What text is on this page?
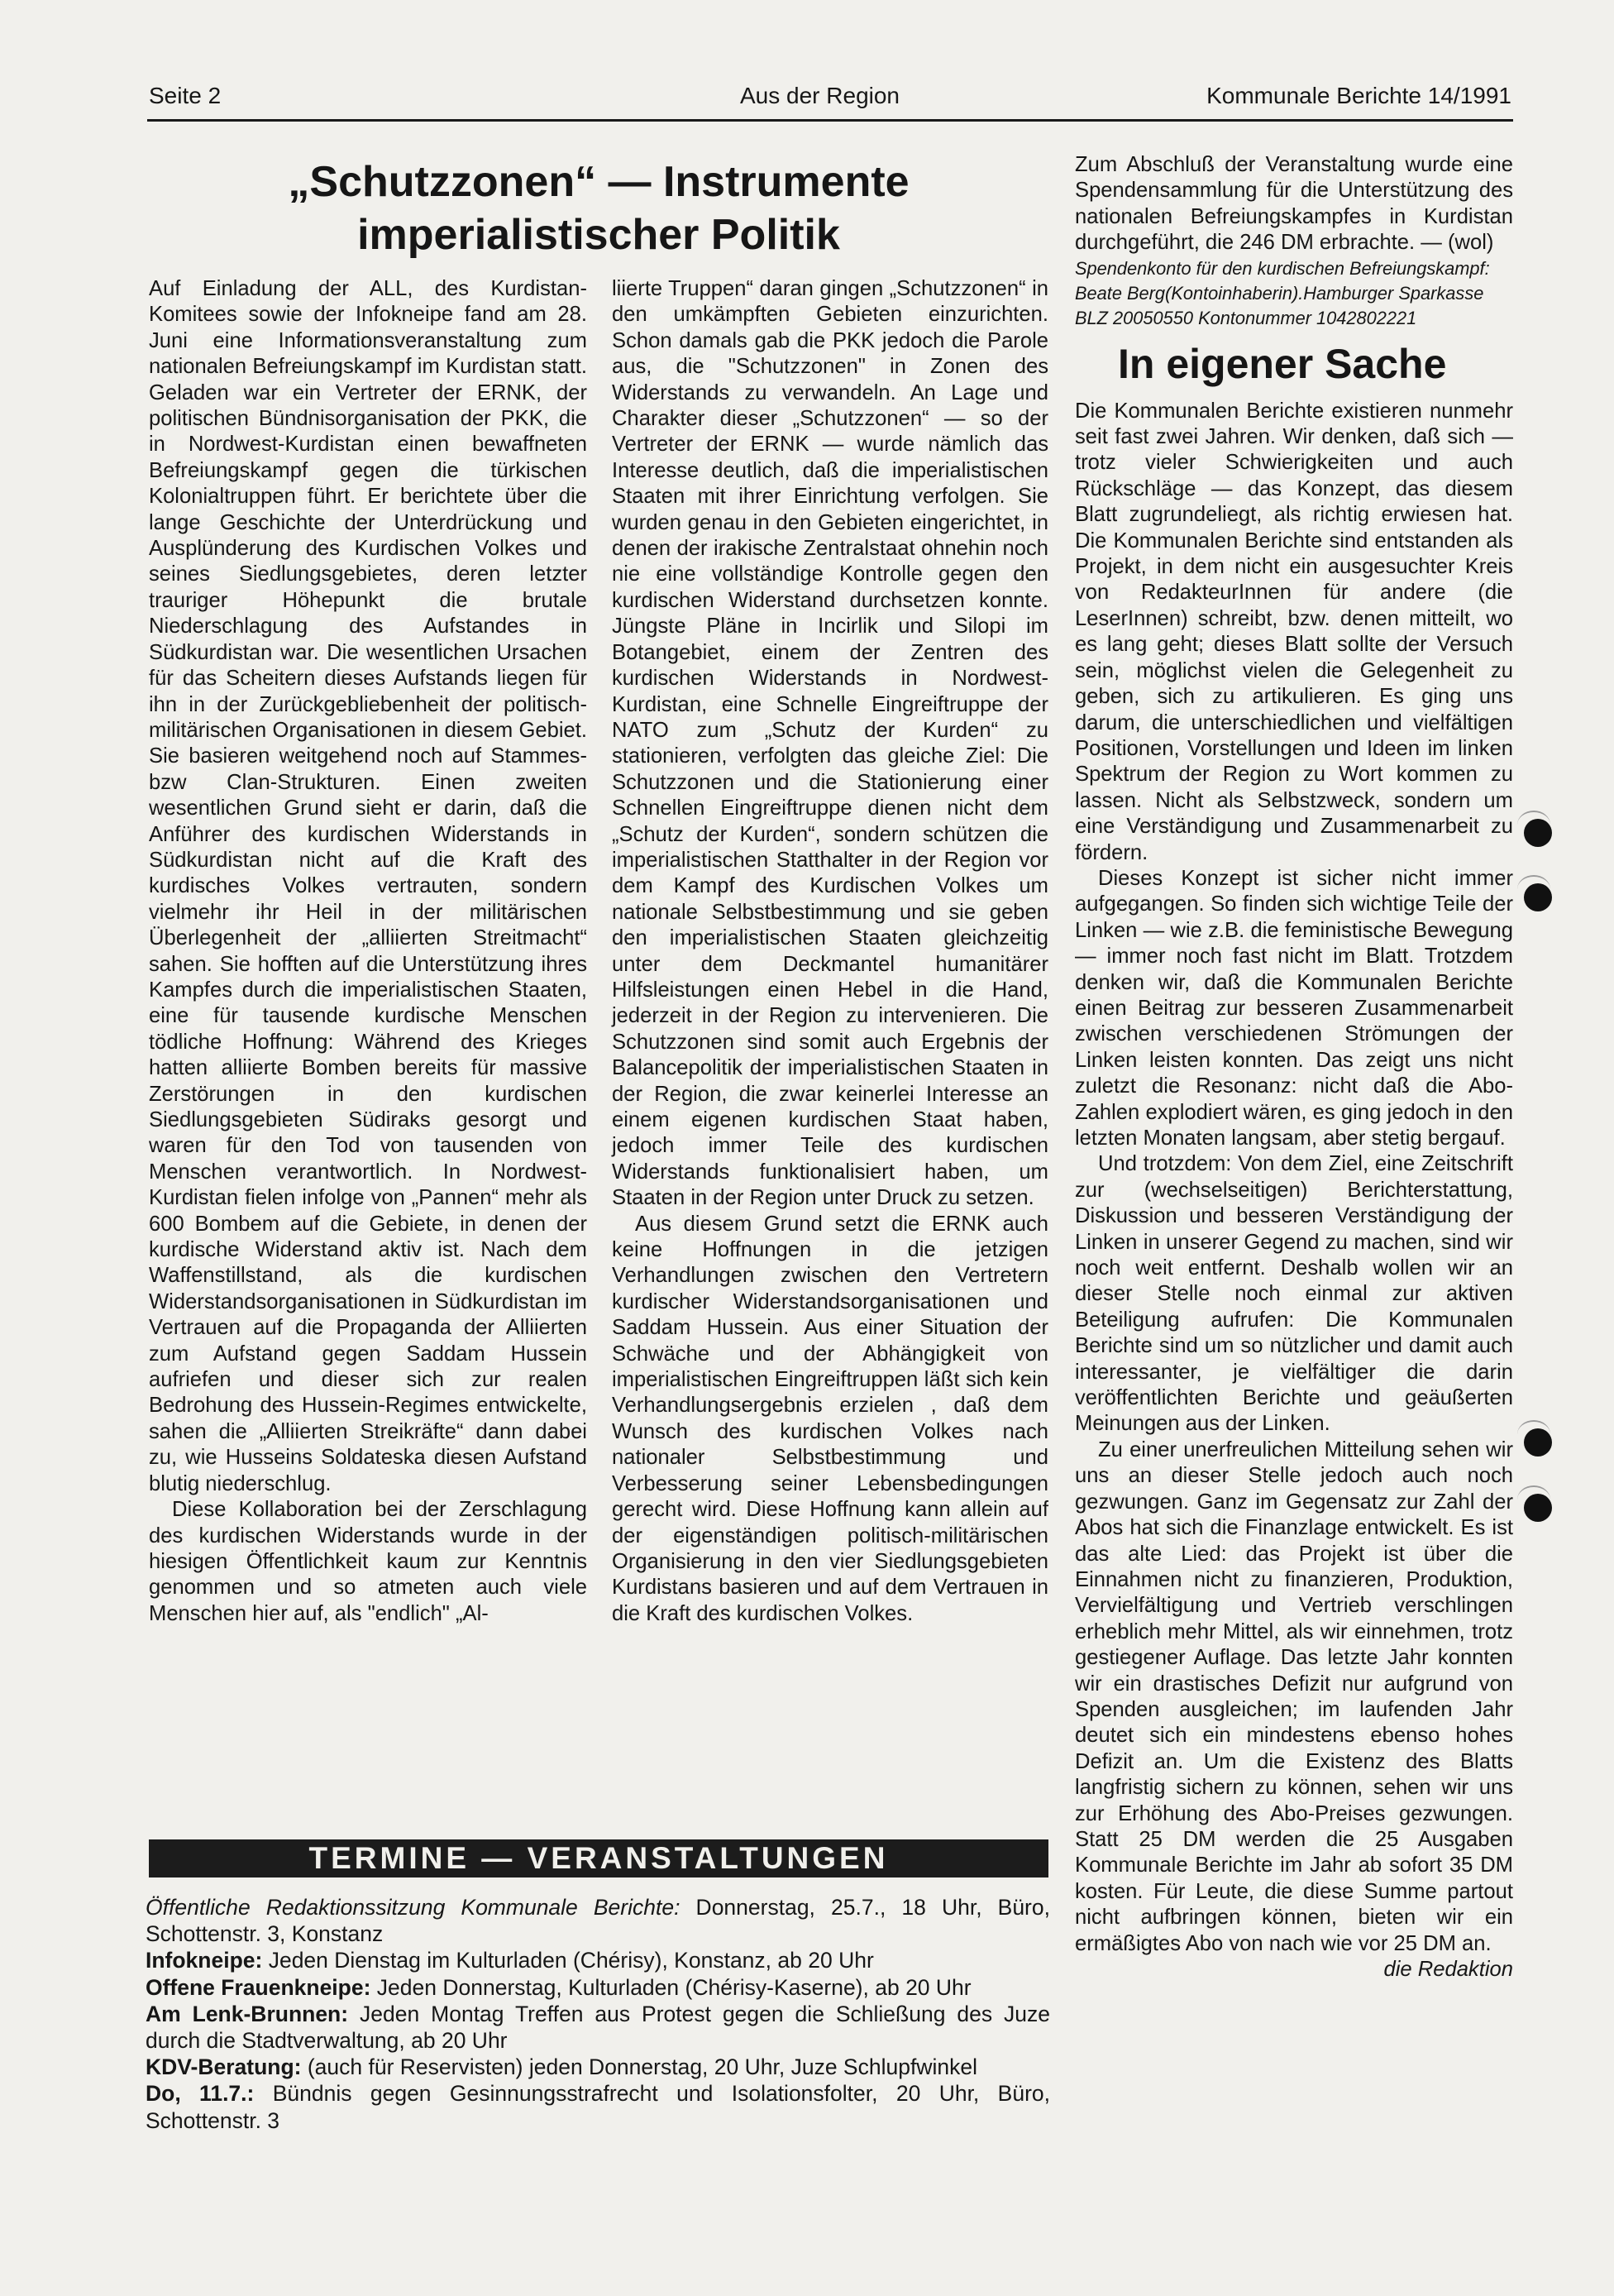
Seite 2	Aus der Region	Kommunale Berichte 14/1991
„Schutzzonen“ — Instrumente imperialistischer Politik

Auf Einladung der ALL, des Kurdistan-Komitees sowie der Infokneipe fand am 28. Juni eine Informationsveranstaltung zum nationalen Befreiungskampf im Kurdistan statt. Geladen war ein Vertreter der ERNK, der politischen Bündnisorganisation der PKK, die in Nordwest-Kurdistan einen bewaffneten Befreiungskampf gegen die türkischen Kolonialtruppen führt. Er berichtete über die lange Geschichte der Unterdrückung und Ausplünderung des Kurdischen Volkes und seines Siedlungsgebietes, deren letzter trauriger Höhepunkt die brutale Niederschlagung des Aufstandes in Südkurdistan war. Die wesentlichen Ursachen für das Scheitern dieses Aufstands liegen für ihn in der Zurückgebliebenheit der politisch-militärischen Organisationen in diesem Gebiet. Sie basieren weitgehend noch auf Stammes- bzw Clan-Strukturen. Einen zweiten wesentlichen Grund sieht er darin, daß die Anführer des kurdischen Widerstands in Südkurdistan nicht auf die Kraft des kurdisches Volkes vertrauten, sondern vielmehr ihr Heil in der militärischen Überlegenheit der „alliierten Streitmacht“ sahen. Sie hofften auf die Unterstützung ihres Kampfes durch die imperialistischen Staaten, eine für tausende kurdische Menschen tödliche Hoffnung: Während des Krieges hatten alliierte Bomben bereits für massive Zerstörungen in den kurdischen Siedlungsgebieten Südiraks gesorgt und waren für den Tod von tausenden von Menschen verantwortlich. In Nordwest-Kurdistan fielen infolge von „Pannen“ mehr als 600 Bombem auf die Gebiete, in denen der kurdische Widerstand aktiv ist. Nach dem Waffenstillstand, als die kurdischen Widerstandsorganisationen in Südkurdistan im Vertrauen auf die Propaganda der Alliierten zum Aufstand gegen Saddam Hussein aufriefen und dieser sich zur realen Bedrohung des Hussein-Regimes entwickelte, sahen die „Alliierten Streikräfte“ dann dabei zu, wie Husseins Soldateska diesen Aufstand blutig niederschlug.

Diese Kollaboration bei der Zerschlagung des kurdischen Widerstands wurde in der hiesigen Öffentlichkeit kaum zur Kenntnis genommen und so atmeten auch viele Menschen hier auf, als "endlich" „Al-

liierte Truppen“ daran gingen „Schutzzonen“ in den umkämpften Gebieten einzurichten. Schon damals gab die PKK jedoch die Parole aus, die "Schutzzonen" in Zonen des Widerstands zu verwandeln. An Lage und Charakter dieser „Schutzzonen“ — so der Vertreter der ERNK — wurde nämlich das Interesse deutlich, daß die imperialistischen Staaten mit ihrer Einrichtung verfolgen. Sie wurden genau in den Gebieten eingerichtet, in denen der irakische Zentralstaat ohnehin noch nie eine vollständige Kontrolle gegen den kurdischen Widerstand durchsetzen konnte. Jüngste Pläne in Incirlik und Silopi im Botangebiet, einem der Zentren des kurdischen Widerstands in Nordwest-Kurdistan, eine Schnelle Eingreiftruppe der NATO zum „Schutz der Kurden“ zu stationieren, verfolgten das gleiche Ziel: Die Schutzzonen und die Stationierung einer Schnellen Eingreiftruppe dienen nicht dem „Schutz der Kurden“, sondern schützen die imperialistischen Statthalter in der Region vor dem Kampf des Kurdischen Volkes um nationale Selbstbestimmung und sie geben den imperialistischen Staaten gleichzeitig unter dem Deckmantel humanitärer Hilfsleistungen einen Hebel in die Hand, jederzeit in der Region zu intervenieren. Die Schutzzonen sind somit auch Ergebnis der Balancepolitik der imperialistischen Staaten in der Region, die zwar keinerlei Interesse an einem eigenen kurdischen Staat haben, jedoch immer Teile des kurdischen Widerstands funktionalisiert haben, um Staaten in der Region unter Druck zu setzen.

Aus diesem Grund setzt die ERNK auch keine Hoffnungen in die jetzigen Verhandlungen zwischen den Vertretern kurdischer Widerstandsorganisationen und Saddam Hussein. Aus einer Situation der Schwäche und der Abhängigkeit von imperialistischen Eingreiftruppen läßt sich kein Verhandlungsergebnis erzielen , daß dem Wunsch des kurdischen Volkes nach nationaler Selbstbestimmung und Verbesserung seiner Lebensbedingungen gerecht wird. Diese Hoffnung kann allein auf der eigenständigen politisch-militärischen Organisierung in den vier Siedlungsgebieten Kurdistans basieren und auf dem Vertrauen in die Kraft des kurdischen Volkes.

Zum Abschluß der Veranstaltung wurde eine Spendensammlung für die Unterstützung des nationalen Befreiungskampfes in Kurdistan durchgeführt, die 246 DM erbrachte. — (wol)

Spendenkonto für den kurdischen Befreiungskampf: Beate Berg(Kontoinhaberin).Hamburger Sparkasse BLZ 20050550 Kontonummer 1042802221

In eigener Sache

Die Kommunalen Berichte existieren nunmehr seit fast zwei Jahren. Wir denken, daß sich — trotz vieler Schwierigkeiten und auch Rückschläge — das Konzept, das diesem Blatt zugrundeliegt, als richtig erwiesen hat. Die Kommunalen Berichte sind entstanden als Projekt, in dem nicht ein ausgesuchter Kreis von RedakteurInnen für andere (die LeserInnen) schreibt, bzw. denen mitteilt, wo es lang geht; dieses Blatt sollte der Versuch sein, möglichst vielen die Gelegenheit zu geben, sich zu artikulieren. Es ging uns darum, die unterschiedlichen und vielfältigen Positionen, Vorstellungen und Ideen im linken Spektrum der Region zu Wort kommen zu lassen. Nicht als Selbstzweck, sondern um eine Verständigung und Zusammenarbeit zu fördern.

Dieses Konzept ist sicher nicht immer aufgegangen. So finden sich wichtige Teile der Linken — wie z.B. die feministische Bewegung — immer noch fast nicht im Blatt. Trotzdem denken wir, daß die Kommunalen Berichte einen Beitrag zur besseren Zusammenarbeit zwischen verschiedenen Strömungen der Linken leisten konnten. Das zeigt uns nicht zuletzt die Resonanz: nicht daß die Abo-Zahlen explodiert wären, es ging jedoch in den letzten Monaten langsam, aber stetig bergauf.

Und trotzdem: Von dem Ziel, eine Zeitschrift zur (wechselseitigen) Berichterstattung, Diskussion und besseren Verständigung der Linken in unserer Gegend zu machen, sind wir noch weit entfernt. Deshalb wollen wir an dieser Stelle noch einmal zur aktiven Beteiligung aufrufen: Die Kommunalen Berichte sind um so nützlicher und damit auch interessanter, je vielfältiger die darin veröffentlichten Berichte und geäußerten Meinungen aus der Linken.

Zu einer unerfreulichen Mitteilung sehen wir uns an dieser Stelle jedoch auch noch gezwungen. Ganz im Gegensatz zur Zahl der Abos hat sich die Finanzlage entwickelt. Es ist das alte Lied: das Projekt ist über die Einnahmen nicht zu finanzieren, Produktion, Vervielfältigung und Vertrieb verschlingen erheblich mehr Mittel, als wir einnehmen, trotz gestiegener Auflage. Das letzte Jahr konnten wir ein drastisches Defizit nur aufgrund von Spenden ausgleichen; im laufenden Jahr deutet sich ein mindestens ebenso hohes Defizit an. Um die Existenz des Blatts langfristig sichern zu können, sehen wir uns zur Erhöhung des Abo-Preises gezwungen. Statt 25 DM werden die 25 Ausgaben Kommunale Berichte im Jahr ab sofort 35 DM kosten. Für Leute, die diese Summe partout nicht aufbringen können, bieten wir ein ermäßigtes Abo von nach wie vor 25 DM an.
die Redaktion

TERMINE — VERANSTALTUNGEN

Öffentliche Redaktionssitzung Kommunale Berichte: Donnerstag, 25.7., 18 Uhr, Büro, Schottenstr. 3, Konstanz

Infokneipe: Jeden Dienstag im Kulturladen (Chérisy), Konstanz, ab 20 Uhr

Offene Frauenkneipe: Jeden Donnerstag, Kulturladen (Chérisy-Kaserne), ab 20 Uhr

Am Lenk-Brunnen: Jeden Montag Treffen aus Protest gegen die Schließung des Juze durch die Stadtverwaltung, ab 20 Uhr

KDV-Beratung: (auch für Reservisten) jeden Donnerstag, 20 Uhr, Juze Schlupfwinkel

Do, 11.7.: Bündnis gegen Gesinnungsstrafrecht und Isolationsfolter, 20 Uhr, Büro, Schottenstr. 3
